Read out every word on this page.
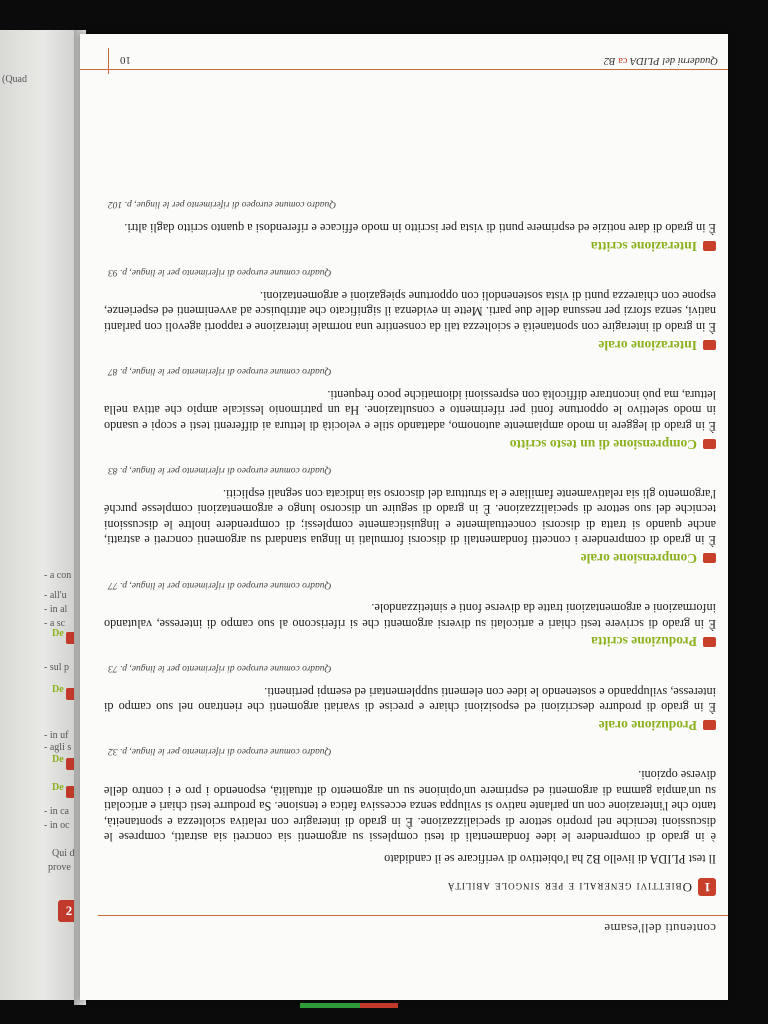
(Quad
Qui d
prove
- in oc
- in ca
- agli s
- in uf
- sul p
- in al
- all'u
- a sc
- a con
De
De
De
De
2
contenuti dell'esame
1
Obiettivi generali e per singole abilità

Il test PLIDA di livello B2 ha l'obiettivo di verificare se il candidato

è in grado di comprendere le idee fondamentali di testi complessi su argomenti sia concreti sia astratti, comprese le discussioni tecniche nel proprio settore di specializzazione. È in grado di interagire con relativa scioltezza e spontaneità, tanto che l'interazione con un parlante nativo si sviluppa senza eccessiva fatica e tensione. Sa produrre testi chiari e articolati su un'ampia gamma di argomenti ed esprimere un'opinione su un argomento di attualità, esponendo i pro e i contro delle diverse opzioni.

Quadro comune europeo di riferimento per le lingue, p. 32
Produzione orale

È in grado di produrre descrizioni ed esposizioni chiare e precise di svariati argomenti che rientrano nel suo campo di interesse, sviluppando e sostenendo le idee con elementi supplementari ed esempi pertinenti.

Quadro comune europeo di riferimento per le lingue, p. 73
Produzione scritta

È in grado di scrivere testi chiari e articolati su diversi argomenti che si riferiscono al suo campo di interesse, valutando informazioni e argomentazioni tratte da diverse fonti e sintetizzandole.

Quadro comune europeo di riferimento per le lingue, p. 77
Comprensione orale

È in grado di comprendere i concetti fondamentali di discorsi formulati in lingua standard su argomenti concreti e astratti, anche quando si tratta di discorsi concettualmente e linguisticamente complessi; di comprendere inoltre le discussioni tecniche del suo settore di specializzazione. È in grado di seguire un discorso lungo e argomentazioni complesse purché l'argomento gli sia relativamente familiare e la struttura del discorso sia indicata con segnali espliciti.

Quadro comune europeo di riferimento per le lingue, p. 83
Comprensione di un testo scritto

È in grado di leggere in modo ampiamente autonomo, adattando stile e velocità di lettura ai differenti testi e scopi e usando in modo selettivo le opportune fonti per riferimento e consultazione. Ha un patrimonio lessicale ampio che attiva nella lettura, ma può incontrare difficoltà con espressioni idiomatiche poco frequenti.

Quadro comune europeo di riferimento per le lingue, p. 87
Interazione orale

È in grado di interagire con spontaneità e scioltezza tali da consentire una normale interazione e rapporti agevoli con parlanti nativi, senza sforzi per nessuna delle due parti. Mette in evidenza il significato che attribuisce ad avvenimenti ed esperienze, espone con chiarezza punti di vista sostenendoli con opportune spiegazioni e argomentazioni.

Quadro comune europeo di riferimento per le lingue, p. 93
Interazione scritta

È in grado di dare notizie ed esprimere punti di vista per iscritto in modo efficace e riferendosi a quanto scritto dagli altri.

Quadro comune europeo di riferimento per le lingue, p. 102
10	Quaderni del PLIDA ca B2
